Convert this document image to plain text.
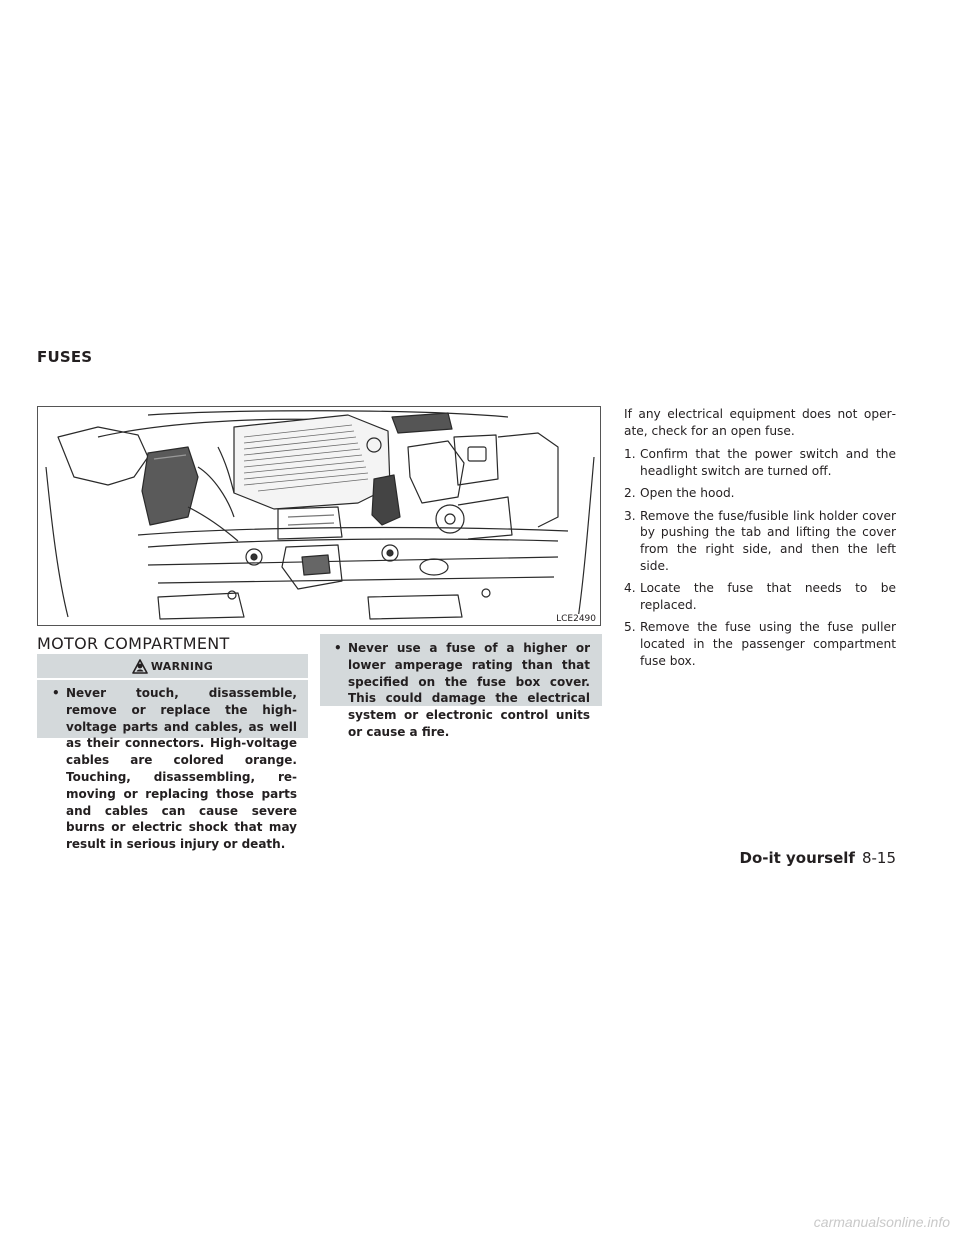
FUSES
LCE2490
MOTOR COMPARTMENT
WARNING

• Never touch, disassemble, remove or replace the high-voltage parts and cables, as well as their connectors. High-voltage cables are colored orange. Touching, disassembling, removing or replacing those parts and cables can cause severe burns or electric shock that may result in serious injury or death.

• Never use a fuse of a higher or lower amperage rating than that specified on the fuse box cover. This could damage the electrical system or electronic control units or cause a fire.

If any electrical equipment does not operate, check for an open fuse.

1. Confirm that the power switch and the headlight switch are turned off.
2. Open the hood.
3. Remove the fuse/fusible link holder cover by pushing the tab and lifting the cover from the right side, and then the left side.
4. Locate the fuse that needs to be replaced.
5. Remove the fuse using the fuse puller located in the passenger compartment fuse box.
Do-it yourself 8-15
carmanualsonline.info
